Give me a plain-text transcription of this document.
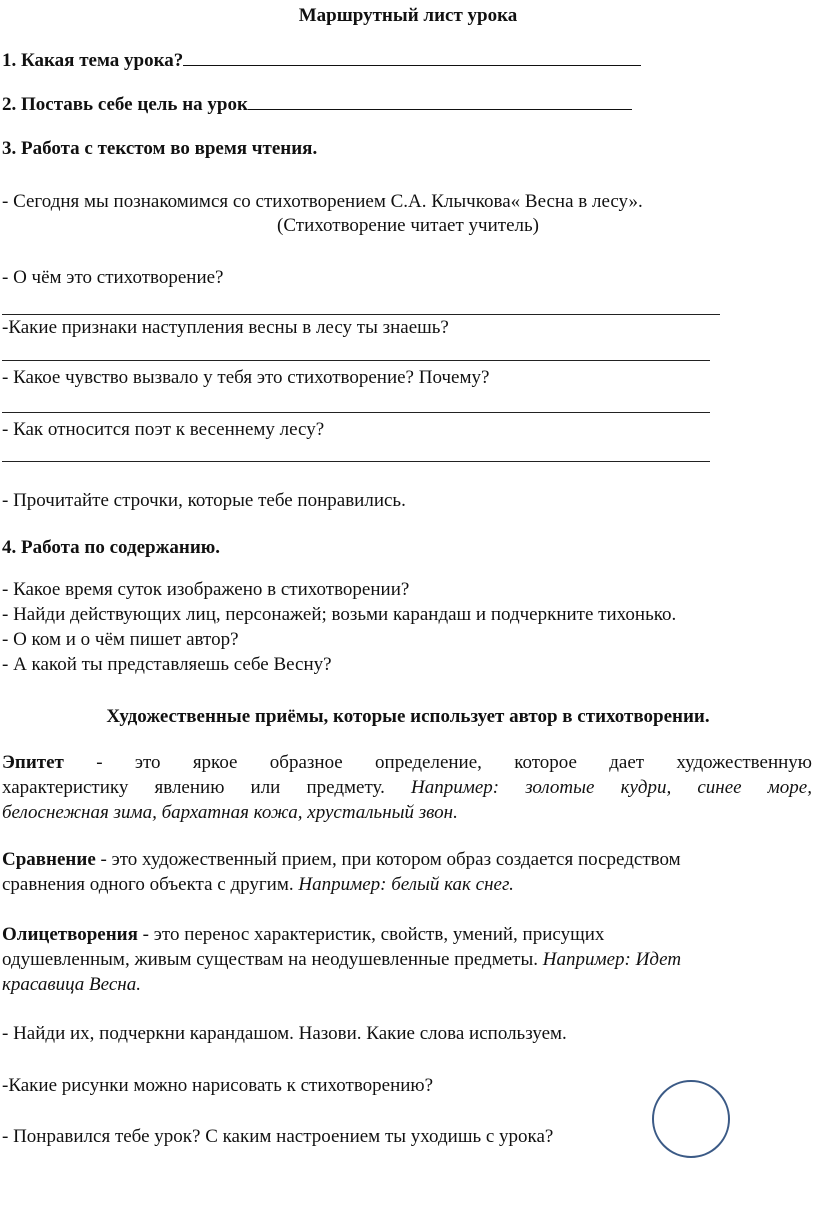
Маршрутный лист урока
1. Какая тема урока?
2. Поставь себе цель на урок
3. Работа с текстом во время чтения.
- Сегодня мы познакомимся со стихотворением С.А. Клычкова« Весна в лесу».
(Стихотворение читает учитель)
- О чём это стихотворение?
-Какие признаки наступления весны в лесу ты знаешь?
- Какое чувство вызвало у тебя это стихотворение? Почему?
- Как относится поэт к весеннему лесу?
- Прочитайте строчки, которые тебе понравились.
4. Работа по содержанию.
- Какое время суток изображено в стихотворении?
- Найди действующих лиц, персонажей; возьми карандаш и подчеркните тихонько.
- О ком и о чём пишет автор?
- А какой ты представляешь себе Весну?
Художественные приёмы, которые использует автор в стихотворении.
Эпитет - это яркое образное определение, которое дает художественную
характеристику явлению или предмету. Например: золотые кудри, синее море,
белоснежная зима, бархатная кожа, хрустальный звон.
Сравнение - это художественный прием, при котором образ создается посредством
сравнения одного объекта с другим. Например: белый как снег.
Олицетворения - это перенос характеристик, свойств, умений, присущих
одушевленным, живым существам на неодушевленные предметы. Например: Идет
красавица Весна.
- Найди их, подчеркни карандашом. Назови. Какие слова используем.
-Какие рисунки можно нарисовать к стихотворению?
- Понравился тебе урок? С каким настроением ты уходишь с урока?
